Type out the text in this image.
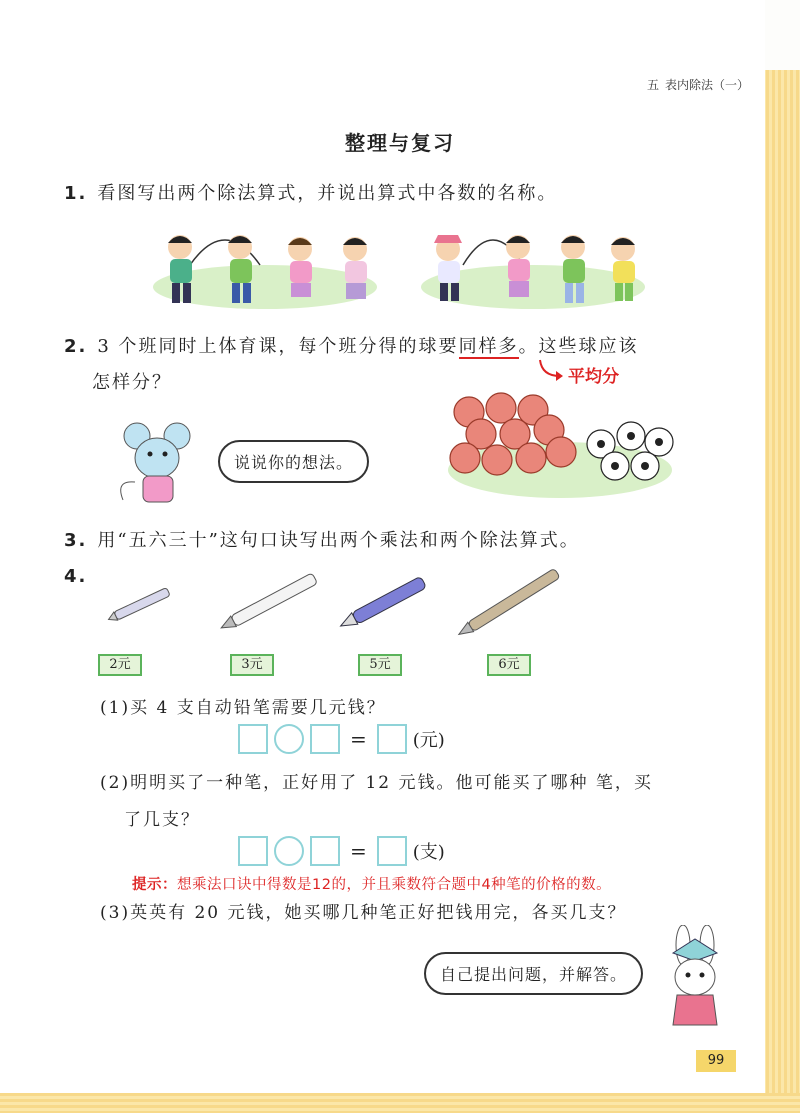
五 表内除法（一）
整理与复习
1. 看图写出两个除法算式，并说出算式中各数的名称。
2. 3 个班同时上体育课，每个班分得的球要同样多。这些球应该
怎样分？	平均分
说说你的想法。
3. 用“五六三十”这句口诀写出两个乘法和两个除法算式。
4.
2元	3元	5元	6元
(1)买 4 支自动铅笔需要几元钱？
=	(元)
(2)明明买了一种笔，正好用了 12 元钱。他可能买了哪种 笔，买
了几支？
=	(支)
提示：想乘法口诀中得数是12的，并且乘数符合题中4种笔的价格的数。
(3)英英有 20 元钱，她买哪几种笔正好把钱用完，各买几支？
自己提出问题，并解答。
99
